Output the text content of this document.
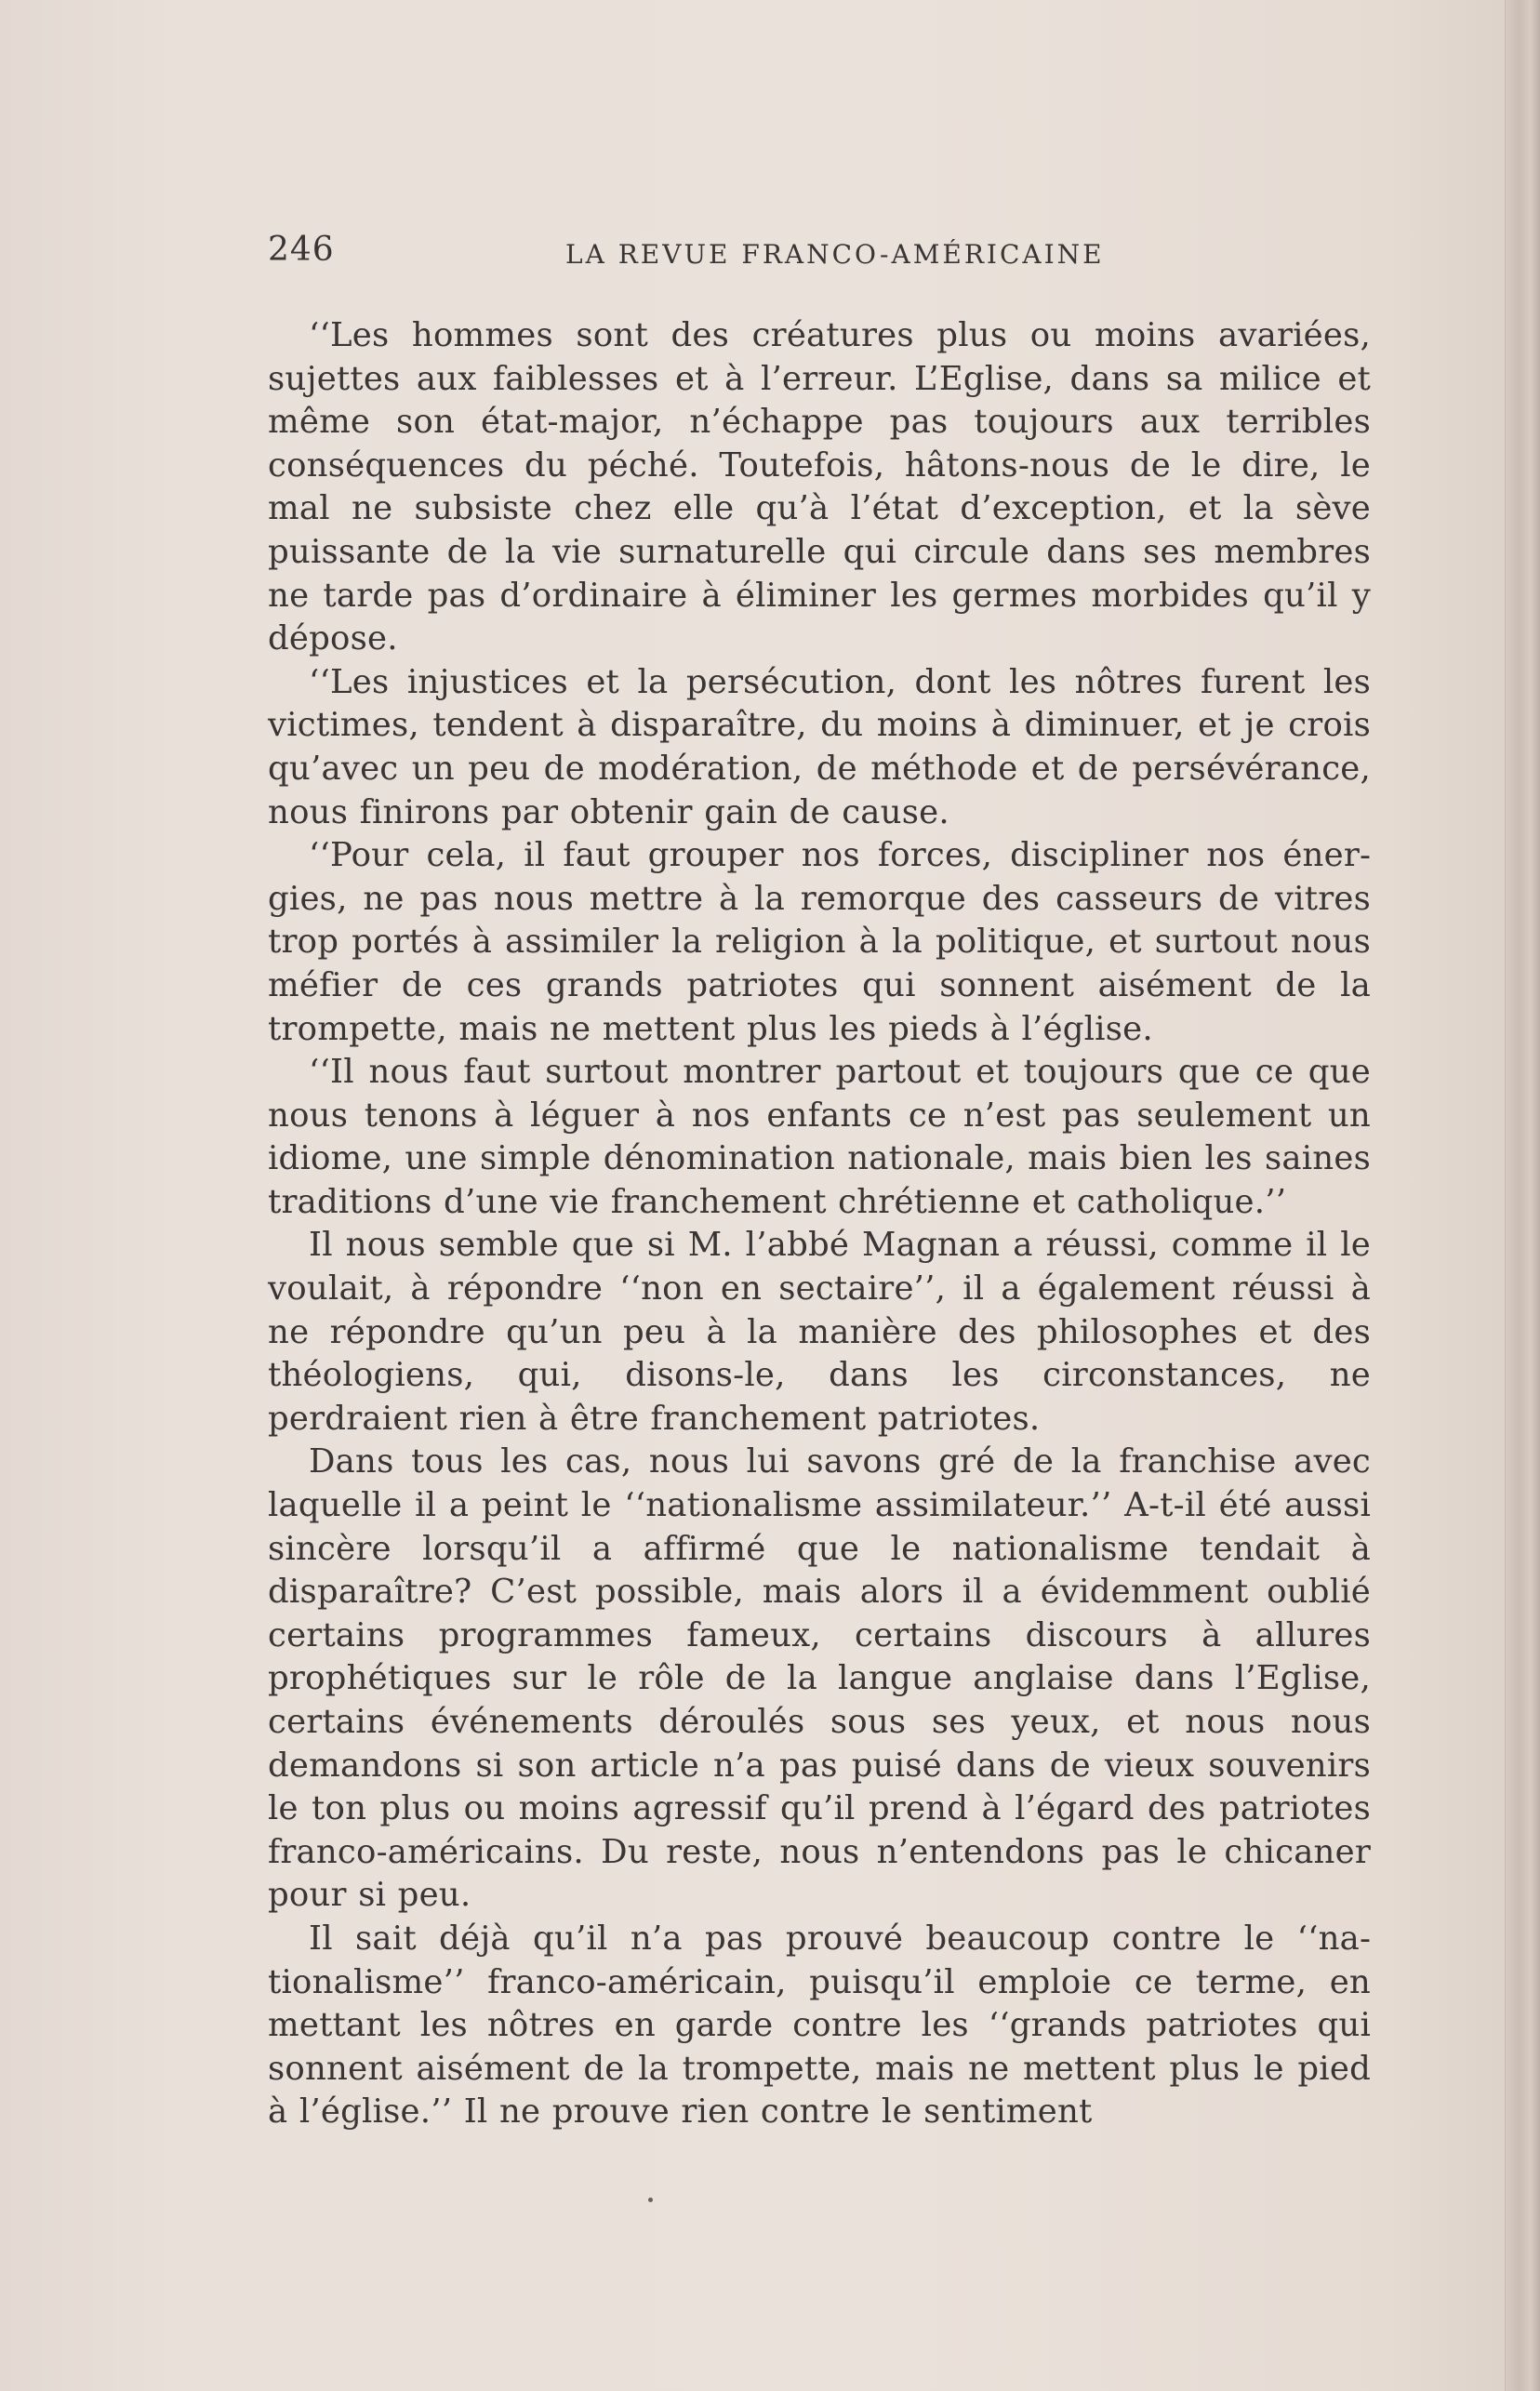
246	LA REVUE FRANCO-AMÉRICAINE

‘‘Les hommes sont des créatures plus ou moins avariées, sujettes aux faiblesses et à l’erreur. L’Eglise, dans sa milice et même son état-major, n’échappe pas toujours aux terribles conséquences du péché. Toutefois, hâtons-nous de le dire, le mal ne subsiste chez elle qu’à l’état d’exception, et la sève puissante de la vie surnaturelle qui circule dans ses membres ne tarde pas d’ordinaire à éliminer les germes morbides qu’il y dépose.

‘‘Les injustices et la persécution, dont les nôtres furent les victimes, tendent à disparaître, du moins à diminuer, et je crois qu’avec un peu de modération, de méthode et de persévérance, nous finirons par obtenir gain de cause.

‘‘Pour cela, il faut grouper nos forces, discipliner nos énergies, ne pas nous mettre à la remorque des casseurs de vitres trop portés à assimiler la religion à la politique, et surtout nous méfier de ces grands patriotes qui sonnent aisément de la trompette, mais ne mettent plus les pieds à l’église.

‘‘Il nous faut surtout montrer partout et toujours que ce que nous tenons à léguer à nos enfants ce n’est pas seulement un idiome, une simple dénomination nationale, mais bien les saines traditions d’une vie franchement chrétienne et catholique.’’

Il nous semble que si M. l’abbé Magnan a réussi, comme il le voulait, à répondre ‘‘non en sectaire’’, il a également réussi à ne répondre qu’un peu à la manière des philosophes et des théologiens, qui, disons-le, dans les circonstances, ne perdraient rien à être franchement patriotes.

Dans tous les cas, nous lui savons gré de la franchise avec laquelle il a peint le ‘‘nationalisme assimilateur.’’ A-t-il été aussi sincère lorsqu’il a affirmé que le nationalisme tendait à disparaître? C’est possible, mais alors il a évidemment oublié certains programmes fameux, certains discours à allures prophétiques sur le rôle de la langue anglaise dans l’Eglise, certains événements déroulés sous ses yeux, et nous nous demandons si son article n’a pas puisé dans de vieux souvenirs le ton plus ou moins agressif qu’il prend à l’égard des patriotes franco-américains. Du reste, nous n’entendons pas le chicaner pour si peu.

Il sait déjà qu’il n’a pas prouvé beaucoup contre le ‘‘nationalisme’’ franco-américain, puisqu’il emploie ce terme, en mettant les nôtres en garde contre les ‘‘grands patriotes qui sonnent aisément de la trompette, mais ne mettent plus le pied à l’église.’’ Il ne prouve rien contre le sentiment
